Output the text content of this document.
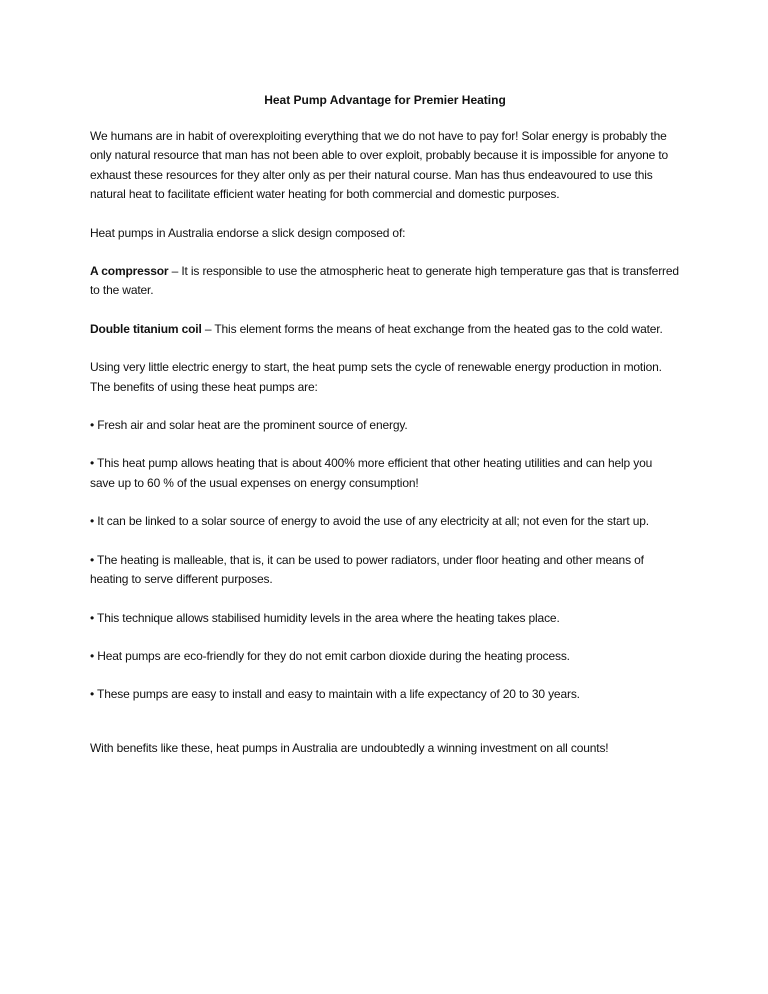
Heat Pump Advantage for Premier Heating

We humans are in habit of overexploiting everything that we do not have to pay for! Solar energy is probably the only natural resource that man has not been able to over exploit, probably because it is impossible for anyone to exhaust these resources for they alter only as per their natural course. Man has thus endeavoured to use this natural heat to facilitate efficient water heating for both commercial and domestic purposes.

Heat pumps in Australia endorse a slick design composed of:

A compressor – It is responsible to use the atmospheric heat to generate high temperature gas that is transferred to the water.

Double titanium coil – This element forms the means of heat exchange from the heated gas to the cold water.

Using very little electric energy to start, the heat pump sets the cycle of renewable energy production in motion. The benefits of using these heat pumps are:

• Fresh air and solar heat are the prominent source of energy.

• This heat pump allows heating that is about 400% more efficient that other heating utilities and can help you save up to 60 % of the usual expenses on energy consumption!

• It can be linked to a solar source of energy to avoid the use of any electricity at all; not even for the start up.

• The heating is malleable, that is, it can be used to power radiators, under floor heating and other means of heating to serve different purposes.

• This technique allows stabilised humidity levels in the area where the heating takes place.

• Heat pumps are eco-friendly for they do not emit carbon dioxide during the heating process.

• These pumps are easy to install and easy to maintain with a life expectancy of 20 to 30 years.

With benefits like these, heat pumps in Australia are undoubtedly a winning investment on all counts!
